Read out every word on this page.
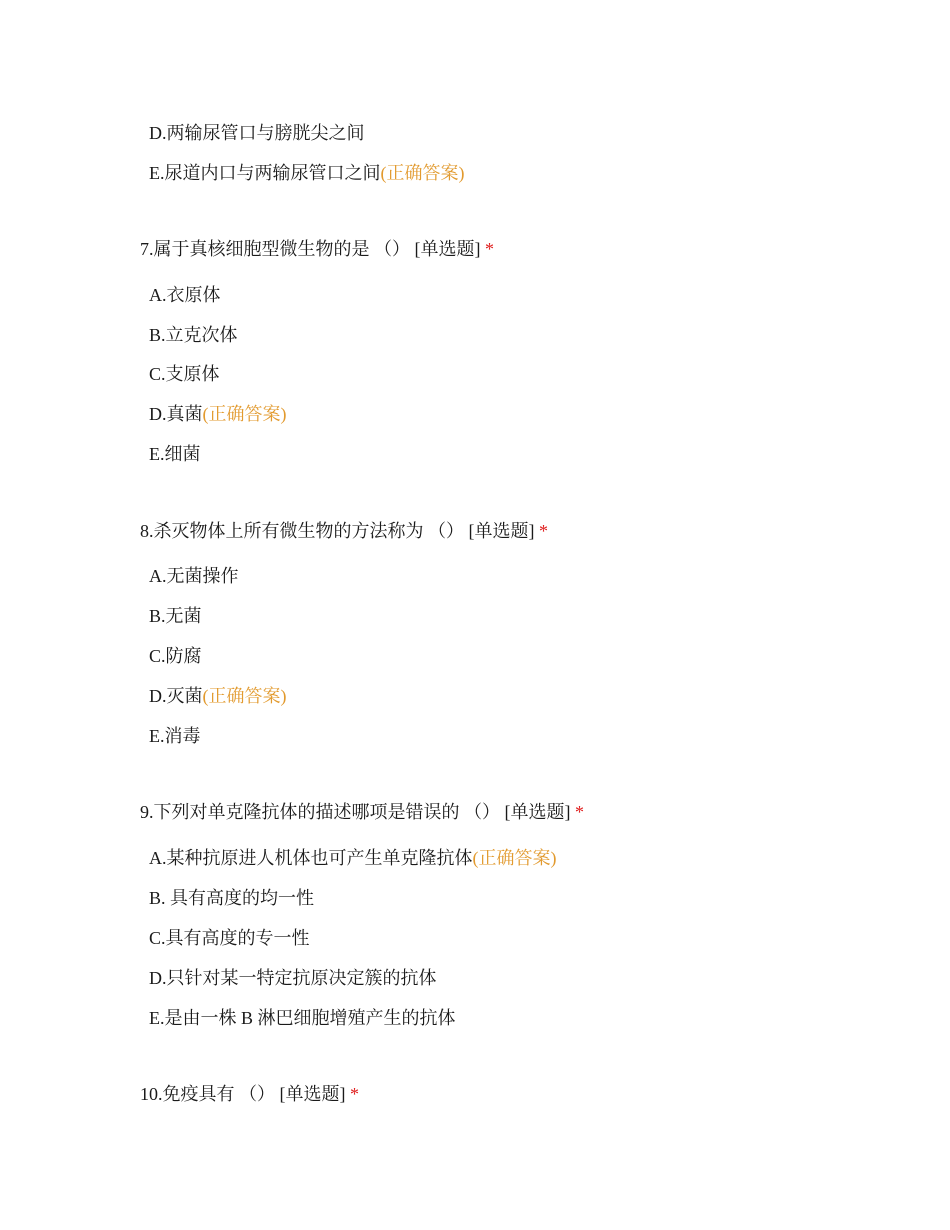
D.两输尿管口与膀胱尖之间
E.尿道内口与两输尿管口之间(正确答案)
7.属于真核细胞型微生物的是 （） [单选题] *
A.衣原体
B.立克次体
C.支原体
D.真菌(正确答案)
E.细菌
8.杀灭物体上所有微生物的方法称为 （） [单选题] *
A.无菌操作
B.无菌
C.防腐
D.灭菌(正确答案)
E.消毒
9.下列对单克隆抗体的描述哪项是错误的 （） [单选题] *
A.某种抗原进人机体也可产生单克隆抗体(正确答案)
B. 具有高度的均一性
C.具有高度的专一性
D.只针对某一特定抗原决定簇的抗体
E.是由一株 B 淋巴细胞增殖产生的抗体
10.免疫具有 （） [单选题] *
